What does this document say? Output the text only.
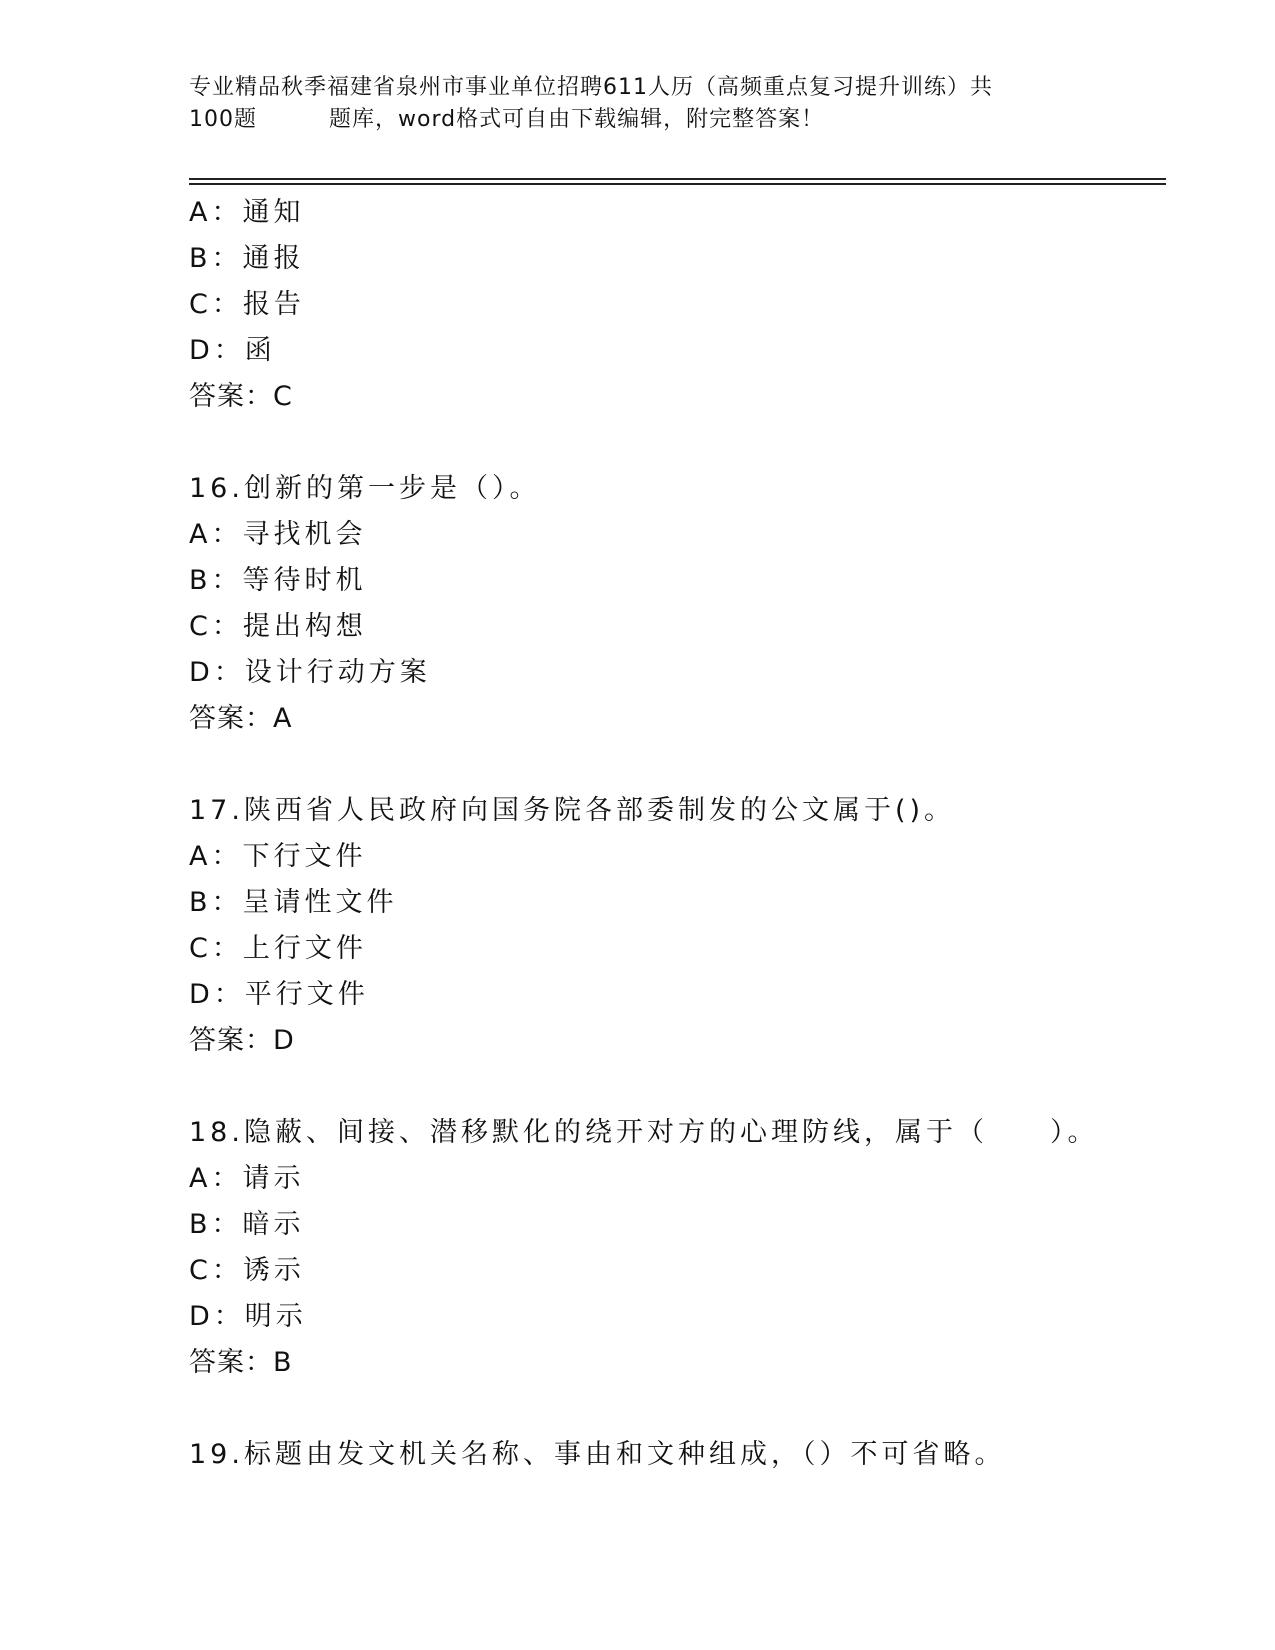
专业精品秋季福建省泉州市事业单位招聘611人历（高频重点复习提升训练）共
100题	题库，word格式可自由下载编辑，附完整答案！
A：通知
B：通报
C：报告
D：函
答案：C
16.创新的第一步是（）。
A：寻找机会
B：等待时机
C：提出构想
D：设计行动方案
答案：A
17.陕西省人民政府向国务院各部委制发的公文属于()。
A：下行文件
B：呈请性文件
C：上行文件
D：平行文件
答案：D
18.隐蔽、间接、潜移默化的绕开对方的心理防线，属于（　　）。
A：请示
B：暗示
C：诱示
D：明示
答案：B
19.标题由发文机关名称、事由和文种组成，（）不可省略。
